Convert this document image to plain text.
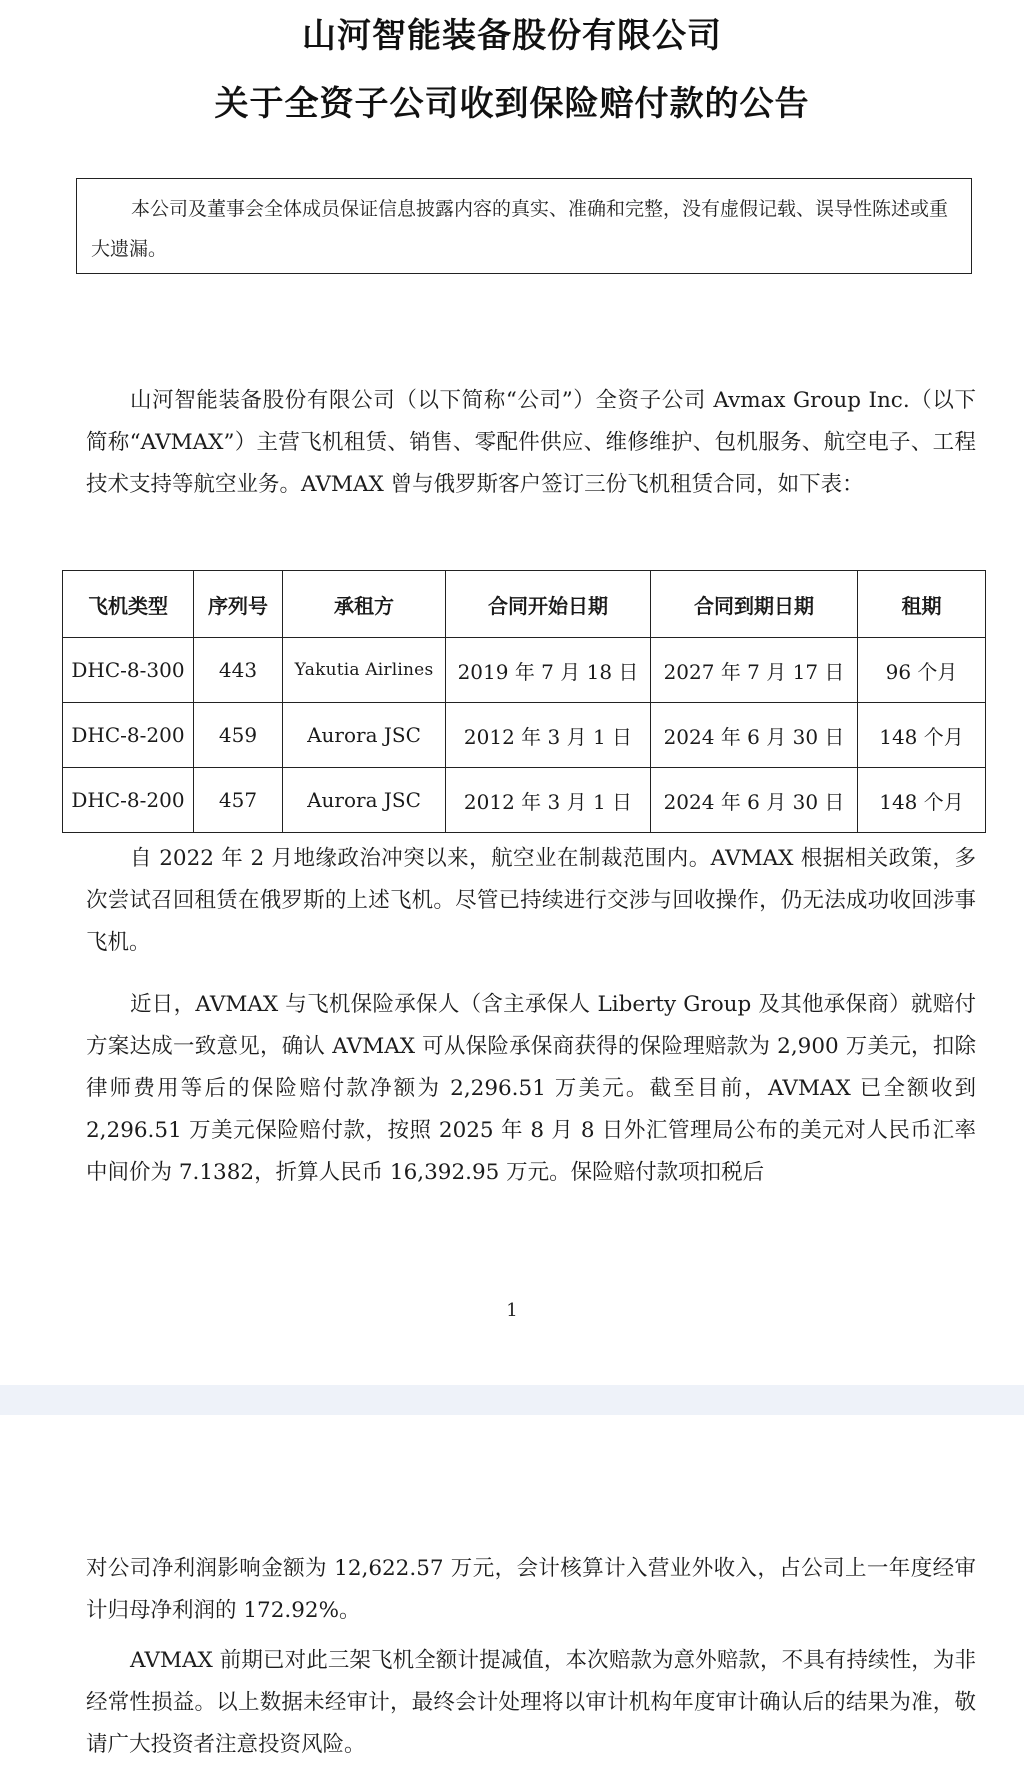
山河智能装备股份有限公司
关于全资子公司收到保险赔付款的公告
本公司及董事会全体成员保证信息披露内容的真实、准确和完整，没有虚假记载、误导性陈述或重大遗漏。

山河智能装备股份有限公司（以下简称“公司”）全资子公司 Avmax Group Inc.（以下简称“AVMAX”）主营飞机租赁、销售、零配件供应、维修维护、包机服务、航空电子、工程技术支持等航空业务。AVMAX 曾与俄罗斯客户签订三份飞机租赁合同，如下表：

飞机类型	序列号	承租方	合同开始日期	合同到期日期	租期
DHC-8-300	443	Yakutia Airlines	2019 年 7 月 18 日	2027 年 7 月 17 日	96 个月
DHC-8-200	459	Aurora JSC	2012 年 3 月 1 日	2024 年 6 月 30 日	148 个月
DHC-8-200	457	Aurora JSC	2012 年 3 月 1 日	2024 年 6 月 30 日	148 个月

自 2022 年 2 月地缘政治冲突以来，航空业在制裁范围内。AVMAX 根据相关政策，多次尝试召回租赁在俄罗斯的上述飞机。尽管已持续进行交涉与回收操作，仍无法成功收回涉事飞机。

近日，AVMAX 与飞机保险承保人（含主承保人 Liberty Group 及其他承保商）就赔付方案达成一致意见，确认 AVMAX 可从保险承保商获得的保险理赔款为 2,900 万美元，扣除律师费用等后的保险赔付款净额为 2,296.51 万美元。截至目前，AVMAX 已全额收到 2,296.51 万美元保险赔付款，按照 2025 年 8 月 8 日外汇管理局公布的美元对人民币汇率中间价为 7.1382，折算人民币 16,392.95 万元。保险赔付款项扣税后

1

对公司净利润影响金额为 12,622.57 万元，会计核算计入营业外收入，占公司上一年度经审计归母净利润的 172.92%。

AVMAX 前期已对此三架飞机全额计提减值，本次赔款为意外赔款，不具有持续性，为非经常性损益。以上数据未经审计，最终会计处理将以审计机构年度审计确认后的结果为准，敬请广大投资者注意投资风险。
